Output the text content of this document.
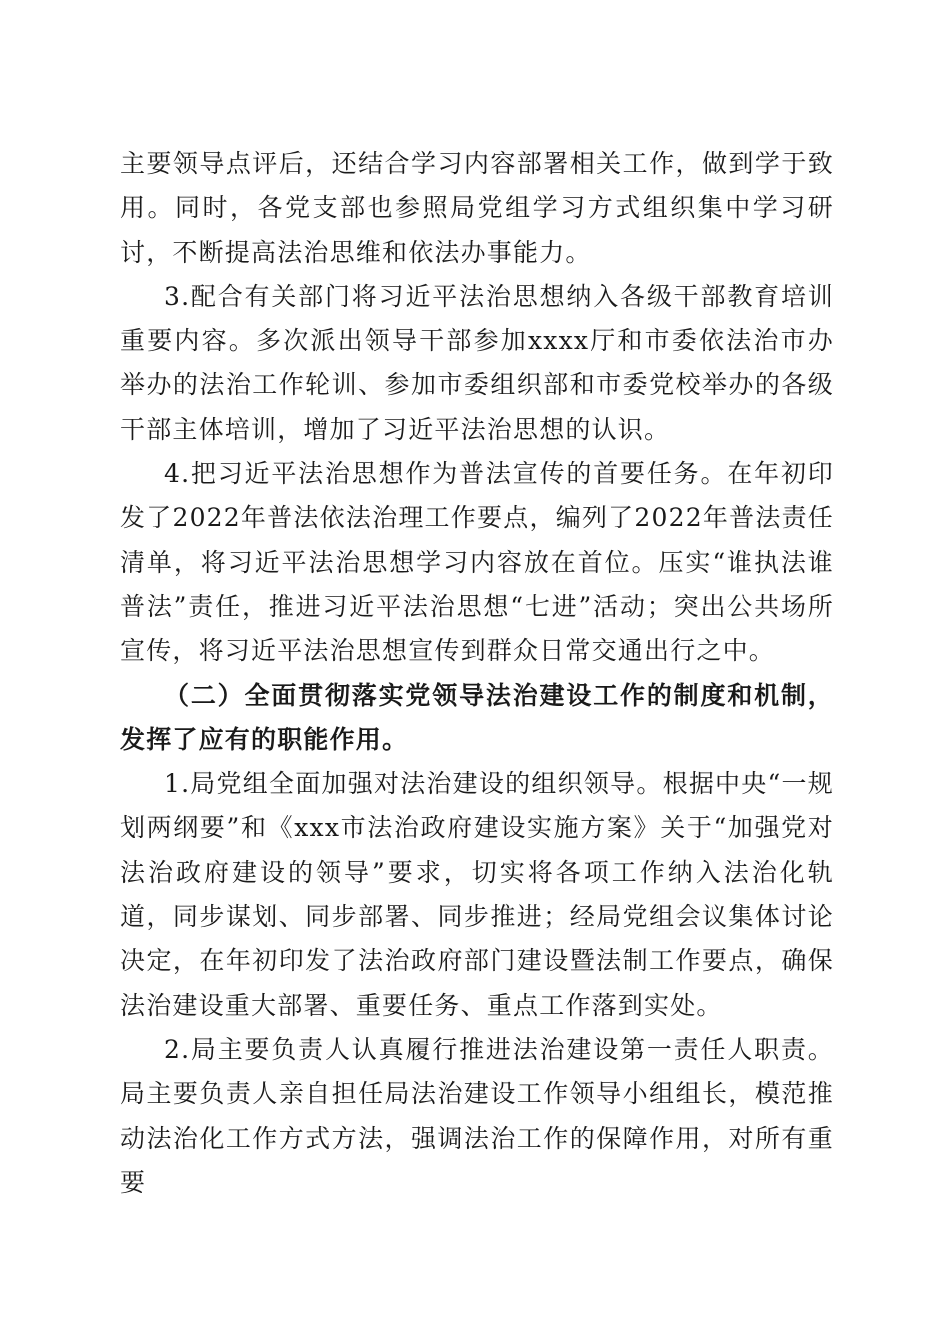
主要领导点评后，还结合学习内容部署相关工作，做到学于致用。同时，各党支部也参照局党组学习方式组织集中学习研讨，不断提高法治思维和依法办事能力。

3.配合有关部门将习近平法治思想纳入各级干部教育培训重要内容。多次派出领导干部参加xxxx厅和市委依法治市办举办的法治工作轮训、参加市委组织部和市委党校举办的各级干部主体培训，增加了习近平法治思想的认识。

4.把习近平法治思想作为普法宣传的首要任务。在年初印发了2022年普法依法治理工作要点，编列了2022年普法责任清单，将习近平法治思想学习内容放在首位。压实“谁执法谁普法”责任，推进习近平法治思想“七进”活动；突出公共场所宣传，将习近平法治思想宣传到群众日常交通出行之中。

（二）全面贯彻落实党领导法治建设工作的制度和机制，发挥了应有的职能作用。

1.局党组全面加强对法治建设的组织领导。根据中央“一规划两纲要”和《xxx市法治政府建设实施方案》关于“加强党对法治政府建设的领导”要求，切实将各项工作纳入法治化轨道，同步谋划、同步部署、同步推进；经局党组会议集体讨论决定，在年初印发了法治政府部门建设暨法制工作要点，确保法治建设重大部署、重要任务、重点工作落到实处。

2.局主要负责人认真履行推进法治建设第一责任人职责。局主要负责人亲自担任局法治建设工作领导小组组长，模范推动法治化工作方式方法，强调法治工作的保障作用，对所有重要
